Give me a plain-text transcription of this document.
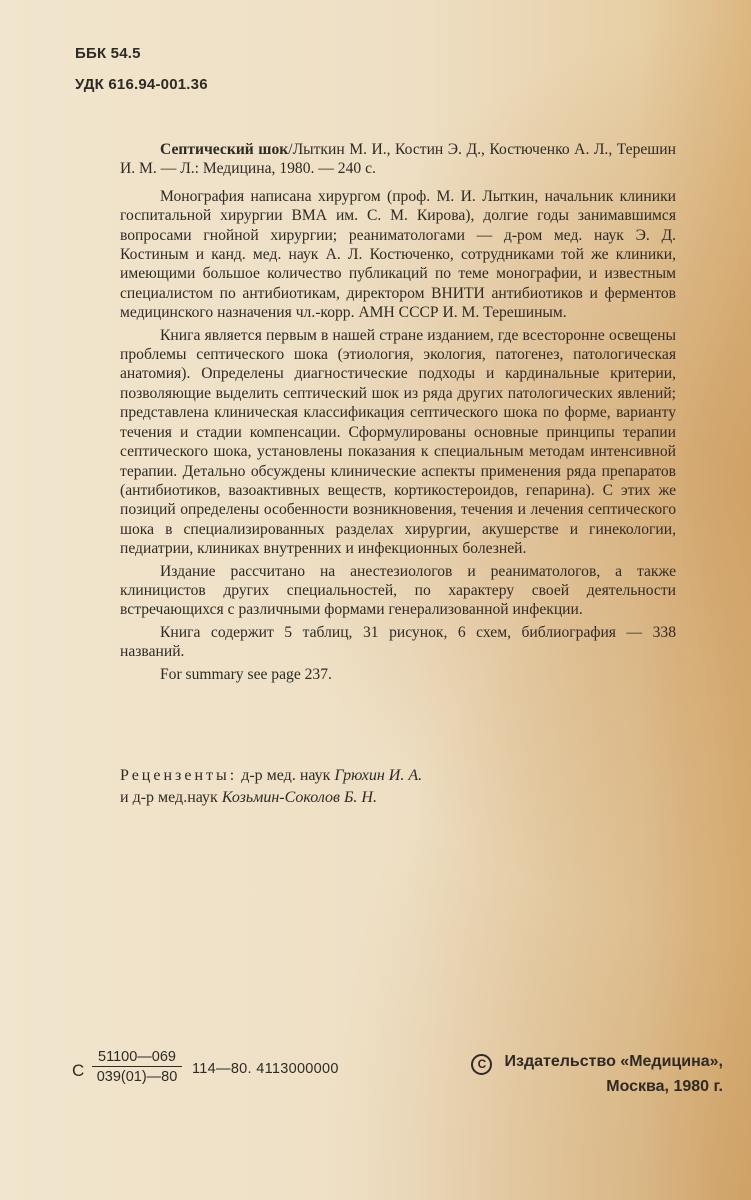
ББК 54.5
УДК 616.94-001.36

Септический шок/Лыткин М. И., Костин Э. Д., Костюченко А. Л., Терешин И. М. — Л.: Медицина, 1980. — 240 с.

Монография написана хирургом (проф. М. И. Лыткин, начальник клиники госпитальной хирургии ВМА им. С. М. Кирова), долгие годы занимавшимся вопросами гнойной хирургии; реаниматологами — д-ром мед. наук Э. Д. Костиным и канд. мед. наук А. Л. Костюченко, сотрудниками той же клиники, имеющими большое количество публикаций по теме монографии, и известным специалистом по антибиотикам, директором ВНИТИ антибиотиков и ферментов медицинского назначения чл.-корр. АМН СССР И. М. Терешиным.

Книга является первым в нашей стране изданием, где всесторонне освещены проблемы септического шока (этиология, экология, патогенез, патологическая анатомия). Определены диагностические подходы и кардинальные критерии, позволяющие выделить септический шок из ряда других патологических явлений; представлена клиническая классификация септического шока по форме, варианту течения и стадии компенсации. Сформулированы основные принципы терапии септического шока, установлены показания к специальным методам интенсивной терапии. Детально обсуждены клинические аспекты применения ряда препаратов (антибиотиков, вазоактивных веществ, кортикостероидов, гепарина). С этих же позиций определены особенности возникновения, течения и лечения септического шока в специализированных разделах хирургии, акушерстве и гинекологии, педиатрии, клиниках внутренних и инфекционных болезней.

Издание рассчитано на анестезиологов и реаниматологов, а также клиницистов других специальностей, по характеру своей деятельности встречающихся с различными формами генерализованной инфекции.

Книга содержит 5 таблиц, 31 рисунок, 6 схем, библиография — 338 названий.

For summary see page 237.

Рецензенты: д-р мед. наук Грюхин И. А.
и д-р мед.наук Козьмин-Соколов Б. Н.
С $\frac{51100—069}{039(01)—80}$ 114—80. 4113000000	C Издательство «Медицина»,
Москва, 1980 г.
